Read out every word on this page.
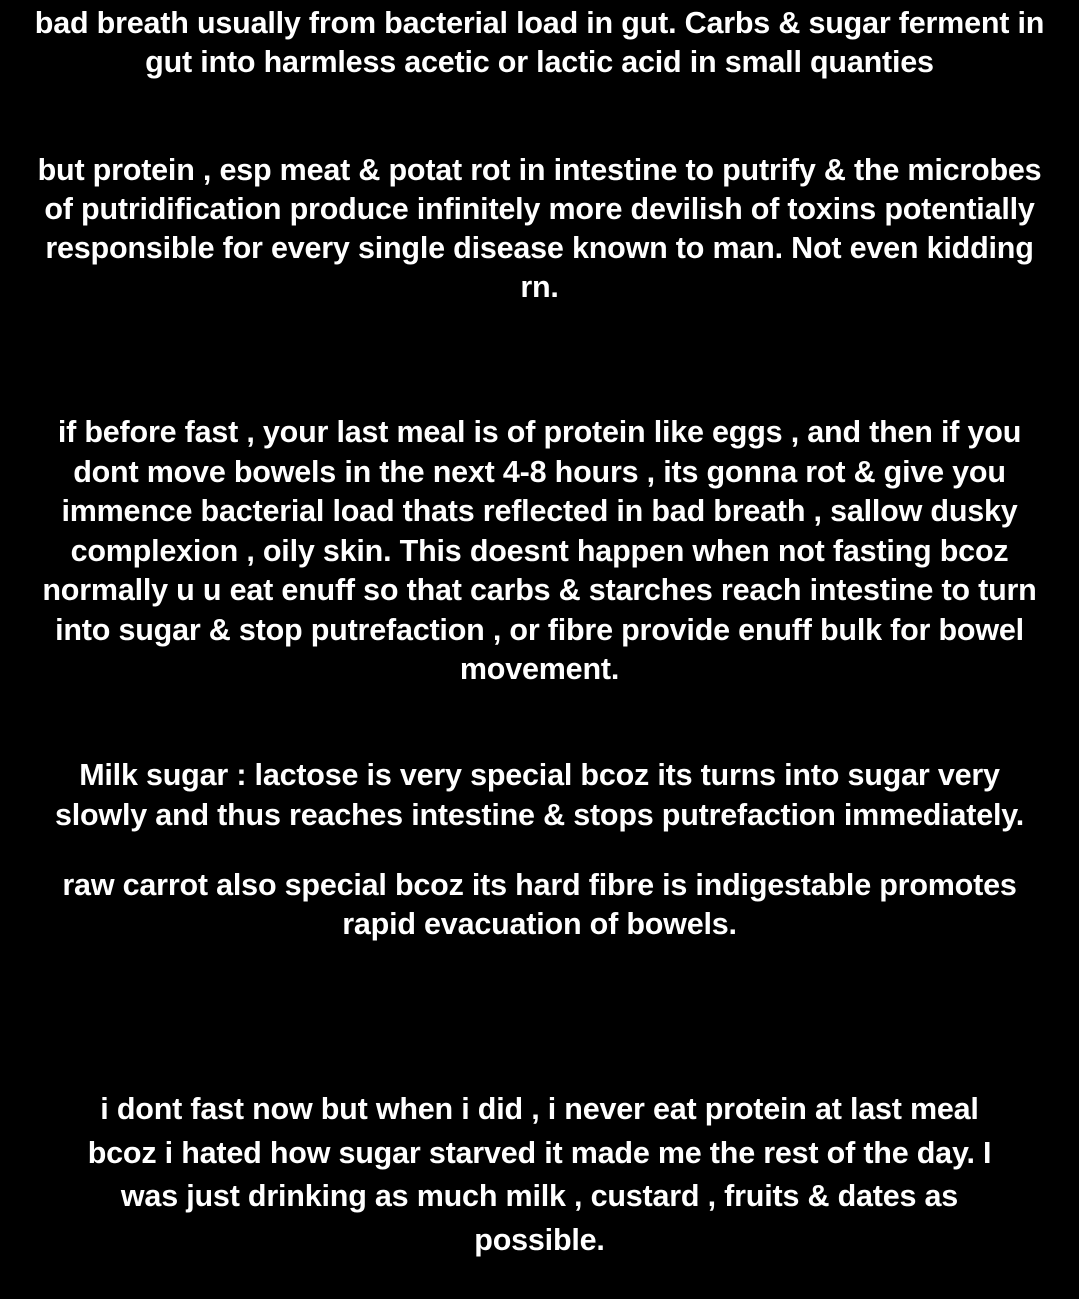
bad breath usually from bacterial load in gut. Carbs & sugar ferment in gut into harmless acetic or lactic acid in small quanties

but protein , esp meat & potat rot in intestine to putrify & the microbes of putridification produce infinitely more devilish of toxins potentially responsible for every single disease known to man. Not even kidding rn.

if before fast , your last meal is of protein like eggs , and then if you dont move bowels in the next 4-8 hours , its gonna rot & give you immence bacterial load thats reflected in bad breath , sallow dusky complexion , oily skin. This doesnt happen when not fasting bcoz normally u u eat enuff so that carbs & starches reach intestine to turn into sugar & stop putrefaction , or fibre provide enuff bulk for bowel movement.

Milk sugar : lactose is very special bcoz its turns into sugar very slowly and thus reaches intestine & stops putrefaction immediately.

raw carrot also special bcoz its hard fibre is indigestable promotes rapid evacuation of bowels.

i dont fast now but when i did , i never eat protein at last meal bcoz i hated how sugar starved it made me the rest of the day. I was just drinking as much milk , custard , fruits & dates as possible.
